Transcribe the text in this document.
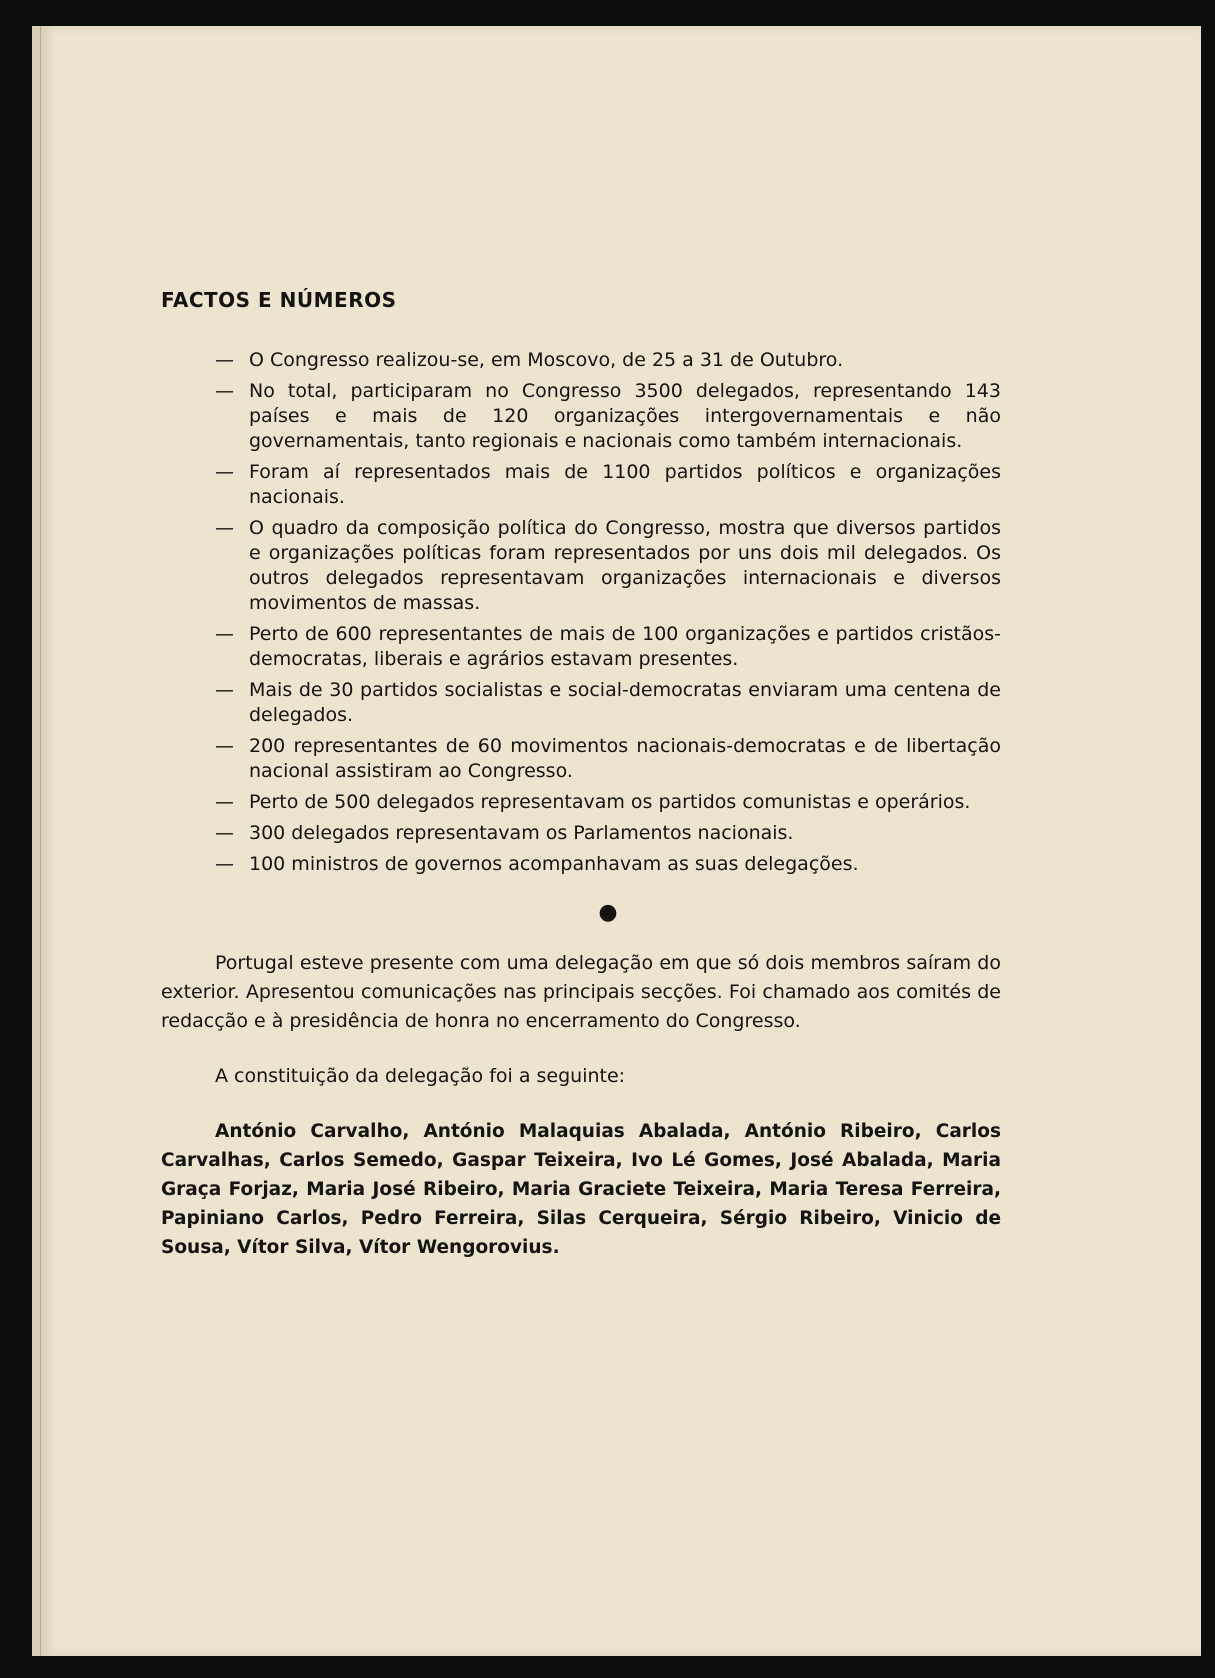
FACTOS E NÚMEROS
— O Congresso realizou-se, em Moscovo, de 25 a 31 de Outubro.
— No total, participaram no Congresso 3500 delegados, representando 143 países e mais de 120 organizações intergovernamentais e não governamentais, tanto regionais e nacionais como também internacionais.
— Foram aí representados mais de 1100 partidos políticos e organizações nacionais.
— O quadro da composição política do Congresso, mostra que diversos partidos e organizações políticas foram representados por uns dois mil delegados. Os outros delegados representavam organizações internacionais e diversos movimentos de massas.
— Perto de 600 representantes de mais de 100 organizações e partidos cristãos-democratas, liberais e agrários estavam presentes.
— Mais de 30 partidos socialistas e social-democratas enviaram uma centena de delegados.
— 200 representantes de 60 movimentos nacionais-democratas e de libertação nacional assistiram ao Congresso.
— Perto de 500 delegados representavam os partidos comunistas e operários.
— 300 delegados representavam os Parlamentos nacionais.
— 100 ministros de governos acompanhavam as suas delegações.
●

Portugal esteve presente com uma delegação em que só dois membros saíram do exterior. Apresentou comunicações nas principais secções. Foi chamado aos comités de redacção e à presidência de honra no encerramento do Congresso.

A constituição da delegação foi a seguinte:

António Carvalho, António Malaquias Abalada, António Ribeiro, Carlos Carvalhas, Carlos Semedo, Gaspar Teixeira, Ivo Lé Gomes, José Abalada, Maria Graça Forjaz, Maria José Ribeiro, Maria Graciete Teixeira, Maria Teresa Ferreira, Papiniano Carlos, Pedro Ferreira, Silas Cerqueira, Sérgio Ribeiro, Vinicio de Sousa, Vítor Silva, Vítor Wengorovius.
